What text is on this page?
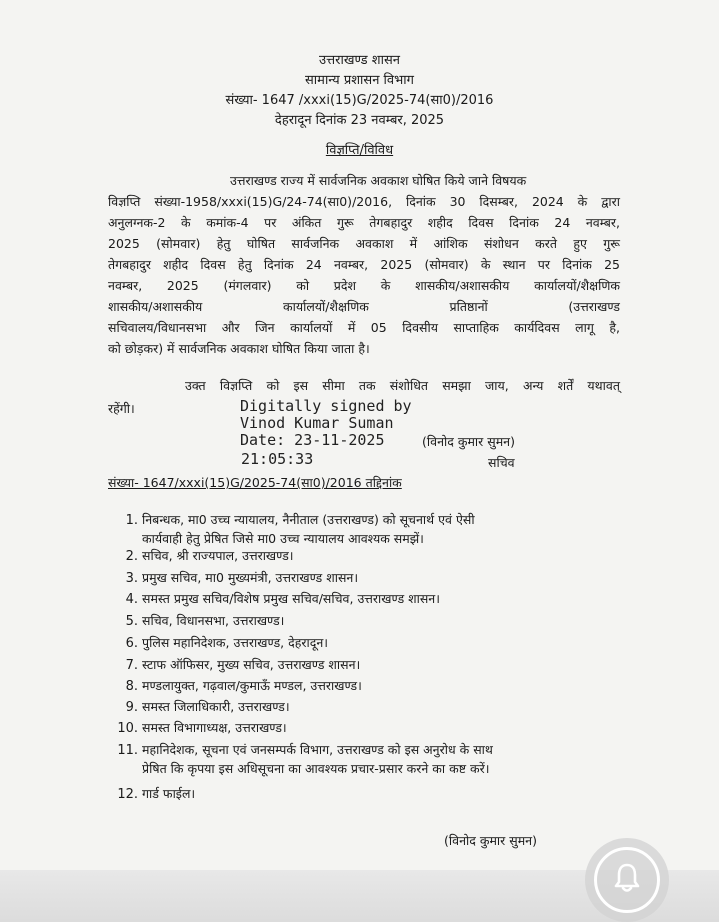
उत्तराखण्ड शासन
सामान्य प्रशासन विभाग
संख्या- 1647 /xxxi(15)G/2025-74(सा0)/2016
देहरादून दिनांक 23 नवम्बर, 2025
विज्ञप्ति/विविध
उत्तराखण्ड राज्य में सार्वजनिक अवकाश घोषित किये जाने विषयक
विज्ञप्ति संख्या-1958/xxxi(15)G/24-74(सा0)/2016, दिनांक 30 दिसम्बर, 2024 के द्वारा
अनुलग्नक-2 के कमांक-4 पर अंकित गुरू तेगबहादुर शहीद दिवस दिनांक 24 नवम्बर,
2025 (सोमवार) हेतु घोषित सार्वजनिक अवकाश में आंशिक संशोधन करते हुए गुरू
तेगबहादुर शहीद दिवस हेतु दिनांक 24 नवम्बर, 2025 (सोमवार) के स्थान पर दिनांक 25
नवम्बर, 2025 (मंगलवार) को प्रदेश के शासकीय/अशासकीय कार्यालयों/शैक्षणिक
शासकीय/अशासकीय कार्यालयों/शैक्षणिक प्रतिष्ठानों (उत्तराखण्ड
सचिवालय/विधानसभा और जिन कार्यालयों में 05 दिवसीय साप्ताहिक कार्यदिवस लागू है,
को छोड़कर) में सार्वजनिक अवकाश घोषित किया जाता है।
उक्त विज्ञप्ति को इस सीमा तक संशोधित समझा जाय, अन्य शर्तें यथावत्
रहेंगी।	Digitally signed by
Vinod Kumar Suman
Date: 23-11-2025
21:05:33
(विनोद कुमार सुमन)
सचिव
संख्या- 1647/xxxi(15)G/2025-74(सा0)/2016 तद्दिनांक
1. निबन्धक, मा0 उच्च न्यायालय, नैनीताल (उत्तराखण्ड) को सूचनार्थ एवं ऐसी
कार्यवाही हेतु प्रेषित जिसे मा0 उच्च न्यायालय आवश्यक समझें।
2. सचिव, श्री राज्यपाल, उत्तराखण्ड।
3. प्रमुख सचिव, मा0 मुख्यमंत्री, उत्तराखण्ड शासन।
4. समस्त प्रमुख सचिव/विशेष प्रमुख सचिव/सचिव, उत्तराखण्ड शासन।
5. सचिव, विधानसभा, उत्तराखण्ड।
6. पुलिस महानिदेशक, उत्तराखण्ड, देहरादून।
7. स्टाफ ऑफिसर, मुख्य सचिव, उत्तराखण्ड शासन।
8. मण्डलायुक्त, गढ़वाल/कुमाऊँ मण्डल, उत्तराखण्ड।
9. समस्त जिलाधिकारी, उत्तराखण्ड।
10. समस्त विभागाध्यक्ष, उत्तराखण्ड।
11. महानिदेशक, सूचना एवं जनसम्पर्क विभाग, उत्तराखण्ड को इस अनुरोध के साथ
प्रेषित कि कृपया इस अधिसूचना का आवश्यक प्रचार-प्रसार करने का कष्ट करें।
12. गार्ड फाईल।
(विनोद कुमार सुमन)
